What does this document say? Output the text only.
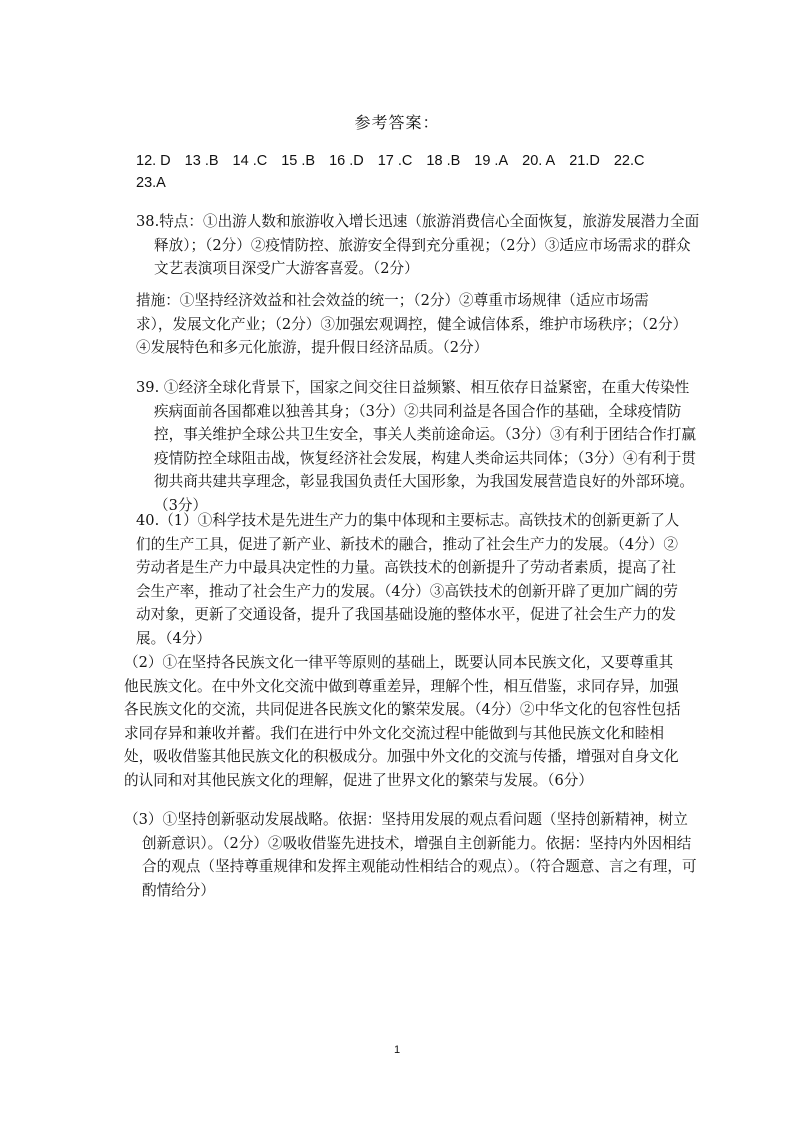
参考答案：
12. D 13 .B 14 .C 15 .B 16 .D 17 .C 18 .B 19 .A 20. A 21.D 22.C23.A

38.特点：①出游人数和旅游收入增长迅速（旅游消费信心全面恢复，旅游发展潜力全面释放）；（2分）②疫情防控、旅游安全得到充分重视；（2分）③适应市场需求的群众文艺表演项目深受广大游客喜爱。（2分）

措施：①坚持经济效益和社会效益的统一；（2分）②尊重市场规律（适应市场需求），发展文化产业；（2分）③加强宏观调控，健全诚信体系，维护市场秩序；（2分）④发展特色和多元化旅游，提升假日经济品质。（2分）

39. ①经济全球化背景下，国家之间交往日益频繁、相互依存日益紧密，在重大传染性疾病面前各国都难以独善其身；（3分）②共同利益是各国合作的基础，全球疫情防控，事关维护全球公共卫生安全，事关人类前途命运。（3分）③有利于团结合作打赢疫情防控全球阻击战，恢复经济社会发展，构建人类命运共同体；（3分）④有利于贯彻共商共建共享理念，彰显我国负责任大国形象，为我国发展营造良好的外部环境。（3分）

40.（1）①科学技术是先进生产力的集中体现和主要标志。高铁技术的创新更新了人们的生产工具，促进了新产业、新技术的融合，推动了社会生产力的发展。（4分）②劳动者是生产力中最具决定性的力量。高铁技术的创新提升了劳动者素质，提高了社会生产率，推动了社会生产力的发展。（4分）③高铁技术的创新开辟了更加广阔的劳动对象，更新了交通设备，提升了我国基础设施的整体水平，促进了社会生产力的发展。（4分）

（2）①在坚持各民族文化一律平等原则的基础上，既要认同本民族文化，又要尊重其他民族文化。在中外文化交流中做到尊重差异，理解个性，相互借鉴，求同存异，加强各民族文化的交流，共同促进各民族文化的繁荣发展。（4分）②中华文化的包容性包括求同存异和兼收并蓄。我们在进行中外文化交流过程中能做到与其他民族文化和睦相处，吸收借鉴其他民族文化的积极成分。加强中外文化的交流与传播，增强对自身文化的认同和对其他民族文化的理解，促进了世界文化的繁荣与发展。（6分）

（3）①坚持创新驱动发展战略。依据：坚持用发展的观点看问题（坚持创新精神，树立创新意识）。（2分）②吸收借鉴先进技术，增强自主创新能力。依据：坚持内外因相结合的观点（坚持尊重规律和发挥主观能动性相结合的观点）。（符合题意、言之有理，可酌情给分）

1
